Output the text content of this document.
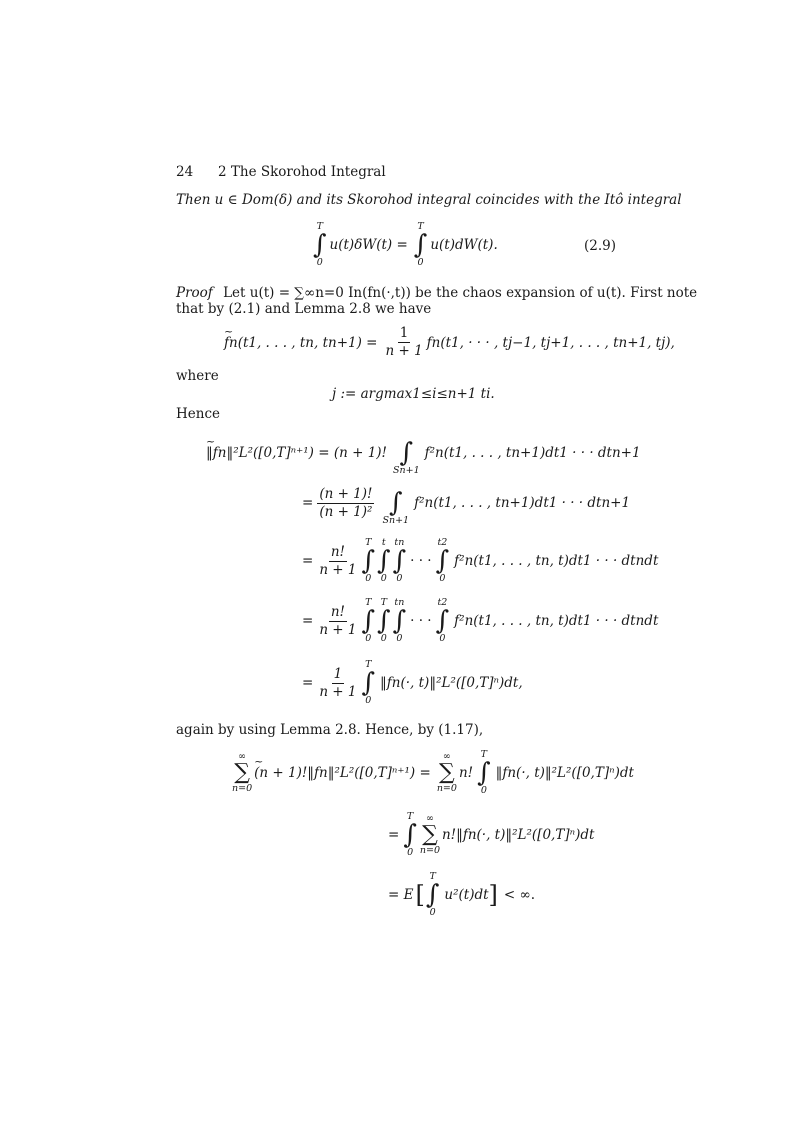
24 2 The Skorohod Integral
Then u ∈ Dom(δ) and its Skorohod integral coincides with the Itô integral
T
∫
0
u(t)δW(t) =
T
∫
0
u(t)dW(t).	(2.9)
Proof Let u(t) = ∑∞n=0 In(fn(·,t)) be the chaos expansion of u(t). First note
that by (2.1) and Lemma 2.8 we have
~ fn(t1, . . . , tn, $tn+1) = \frac{1}{n + 1} fn(t1$, · · · , tj−1, tj+1, . . . , tn+1, tj),
where
j := argmax1≤i≤n+1 ti.
Hence
~ ‖fn‖²L²([0,T]ⁿ⁺¹) = (n + 1)!
∫
Sn+1
f²n(t1, . . . , tn+1)dt1 · · · dtn+1
= $\frac{(n + 1)!}{\text{(n + 1)²}}$
∫
Sn+1
f²n(t1, . . . , tn+1)dt1 · · · dtn+1
= $\frac{n!}{n + 1}$
T
∫
0
t
∫
0
tn
∫
0
· · ·
t2
∫
0
f²n(t1, . . . , tn, t)dt1 · · · dtndt
= $\frac{n!}{n + 1}$
T
∫
0
T
∫
0
tn
∫
0
· · ·
t2
∫
0
f²n(t1, . . . , tn, t)dt1 · · · dtndt
= $\frac{1}{n + 1}$
T
∫
0
‖fn(·, t)‖²L²([0,T]ⁿ)dt,
again by using Lemma 2.8. Hence, by (1.17),
∞
∑
n=0
~ (n + 1)!‖fn‖²L²([0,T]ⁿ⁺¹) =
∞
∑
n=0
n!
T
∫
0
‖fn(·, t)‖²L²([0,T]ⁿ)dt
=
T
∫
0
∞
∑
n=0
n!‖fn(·, t)‖²L²([0,T]ⁿ)dt
= E [
T
∫
0
u²(t)dt ] < ∞.
